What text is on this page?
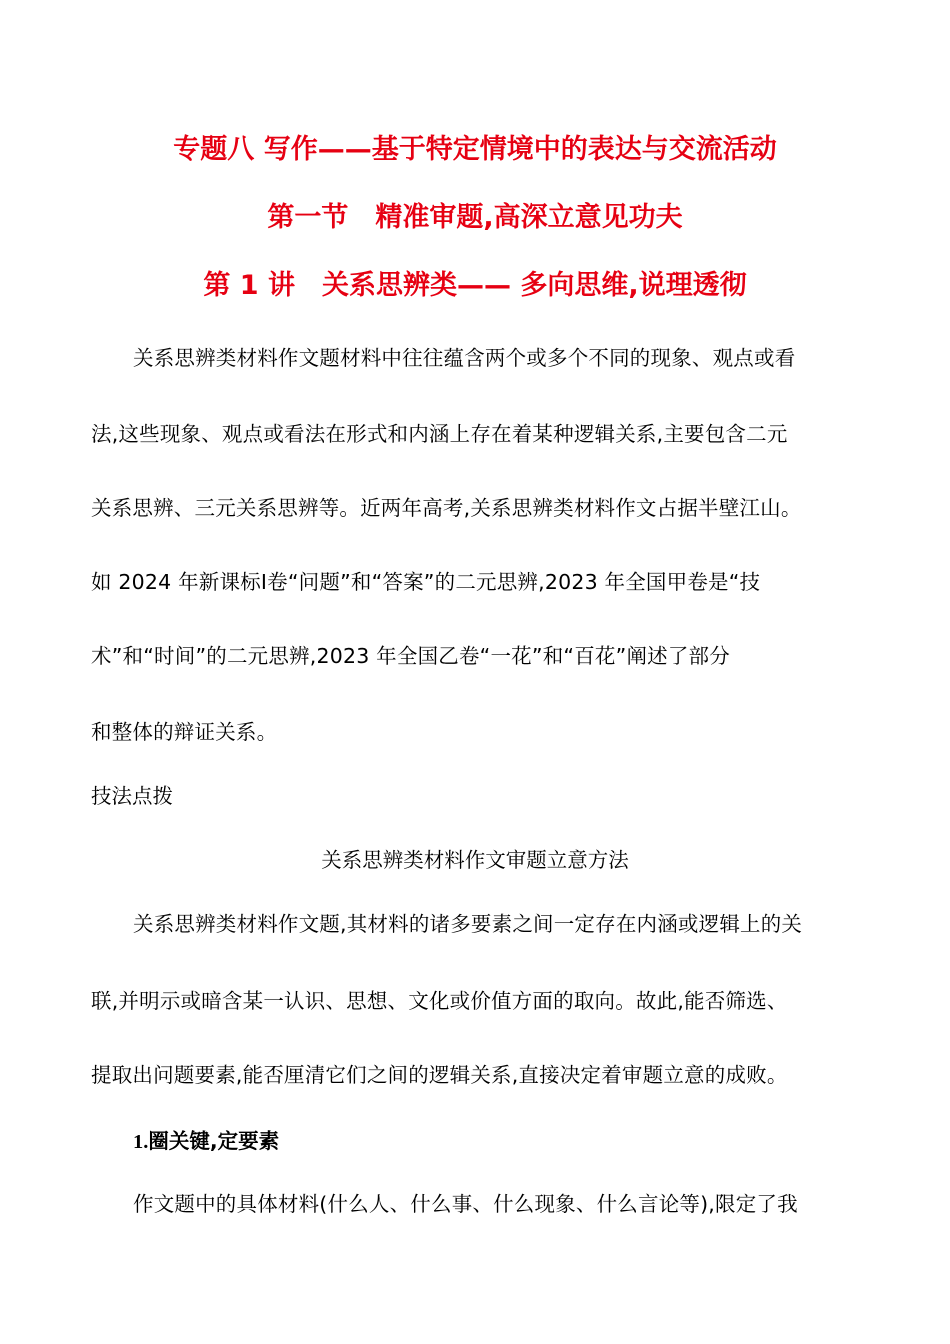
专题八 写作——基于特定情境中的表达与交流活动
第一节　精准审题,高深立意见功夫
第 1 讲　关系思辨类—— 多向思维,说理透彻
关系思辨类材料作文题材料中往往蕴含两个或多个不同的现象、观点或看
法,这些现象、观点或看法在形式和内涵上存在着某种逻辑关系,主要包含二元
关系思辨、三元关系思辨等。近两年高考,关系思辨类材料作文占据半壁江山。
如 2024 年新课标Ⅰ卷“问题”和“答案”的二元思辨,2023 年全国甲卷是“技
术”和“时间”的二元思辨,2023 年全国乙卷“一花”和“百花”阐述了部分
和整体的辩证关系。
技法点拨
关系思辨类材料作文审题立意方法
关系思辨类材料作文题,其材料的诸多要素之间一定存在内涵或逻辑上的关
联,并明示或暗含某一认识、思想、文化或价值方面的取向。故此,能否筛选、
提取出问题要素,能否厘清它们之间的逻辑关系,直接决定着审题立意的成败。
1.圈关键,定要素
作文题中的具体材料(什么人、什么事、什么现象、什么言论等),限定了我
